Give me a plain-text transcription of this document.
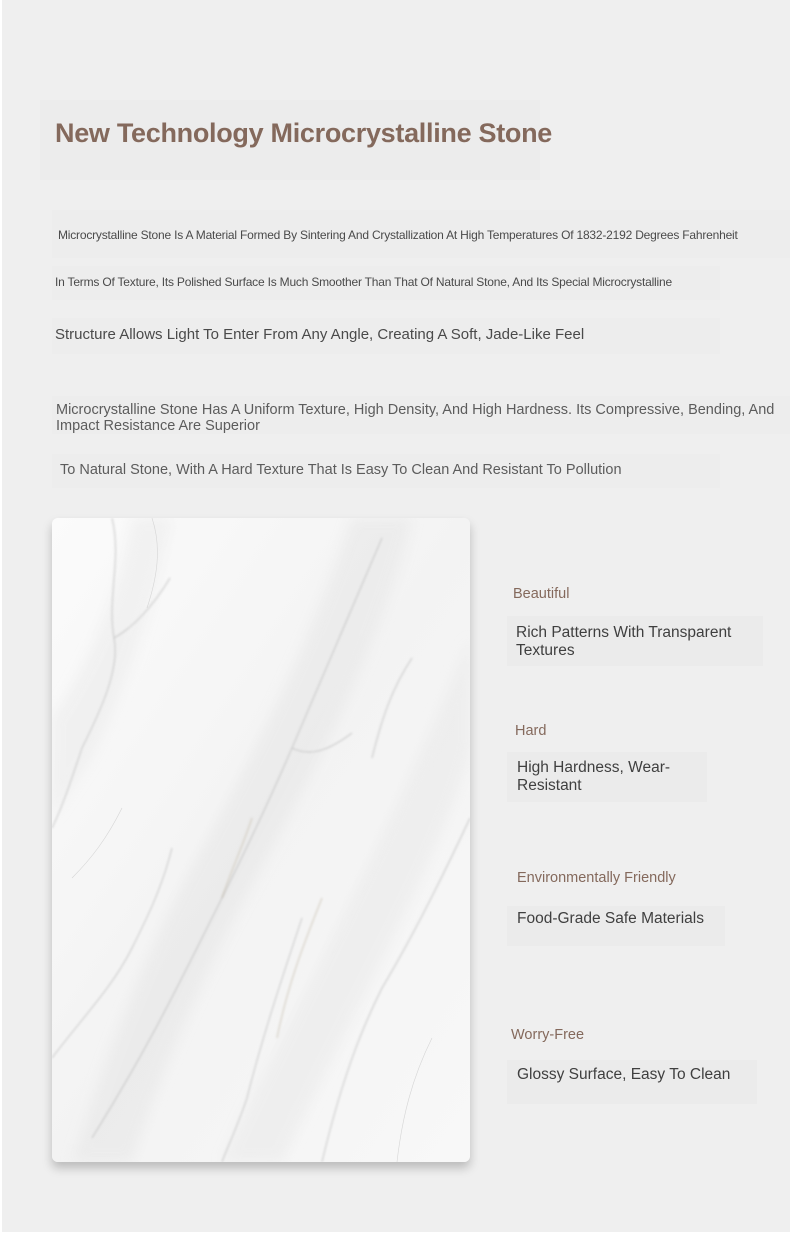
New Technology Microcrystalline Stone
Microcrystalline Stone Is A Material Formed By Sintering And Crystallization At High Temperatures Of 1832-2192 Degrees Fahrenheit
In Terms Of Texture, Its Polished Surface Is Much Smoother Than That Of Natural Stone, And Its Special Microcrystalline
Structure Allows Light To Enter From Any Angle, Creating A Soft, Jade-Like Feel
Microcrystalline Stone Has A Uniform Texture, High Density, And High Hardness. Its Compressive, Bending, And Impact Resistance Are Superior
To Natural Stone, With A Hard Texture That Is Easy To Clean And Resistant To Pollution
Beautiful
Rich Patterns With Transparent Textures
Hard
High Hardness, Wear-Resistant
Environmentally Friendly
Food-Grade Safe Materials
Worry-Free
Glossy Surface, Easy To Clean
